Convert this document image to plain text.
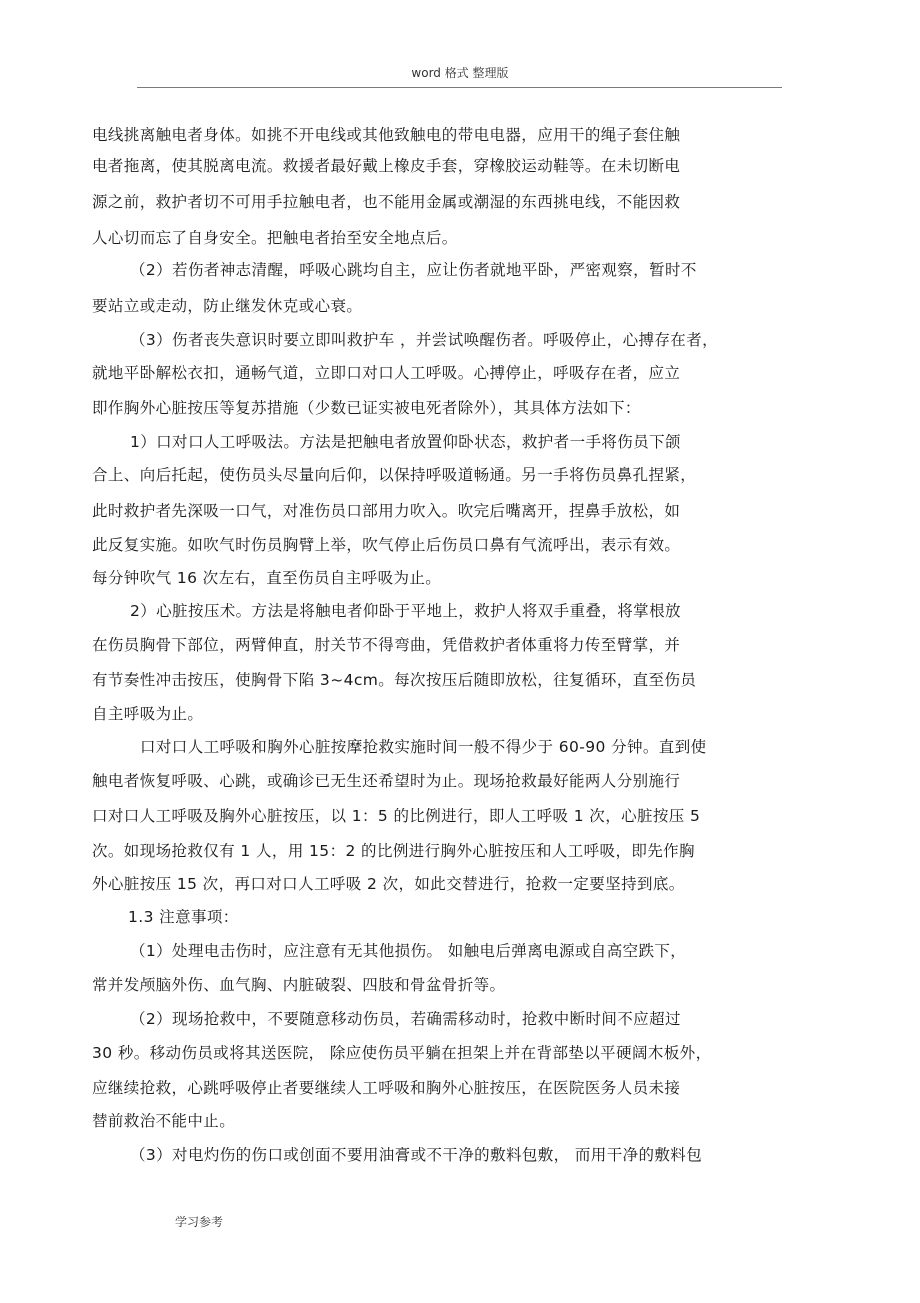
word 格式 整理版
电线挑离触电者身体。如挑不开电线或其他致触电的带电电器，应用干的绳子套住触
电者拖离，使其脱离电流。救援者最好戴上橡皮手套，穿橡胶运动鞋等。在未切断电
源之前，救护者切不可用手拉触电者，也不能用金属或潮湿的东西挑电线，不能因救
人心切而忘了自身安全。把触电者抬至安全地点后。
（2）若伤者神志清醒，呼吸心跳均自主，应让伤者就地平卧，严密观察，暂时不
要站立或走动，防止继发休克或心衰。
（3）伤者丧失意识时要立即叫救护车 ，并尝试唤醒伤者。呼吸停止，心搏存在者，
就地平卧解松衣扣，通畅气道，立即口对口人工呼吸。心搏停止，呼吸存在者，应立
即作胸外心脏按压等复苏措施（少数已证实被电死者除外），其具体方法如下：
1）口对口人工呼吸法。方法是把触电者放置仰卧状态，救护者一手将伤员下颌
合上、向后托起，使伤员头尽量向后仰，以保持呼吸道畅通。另一手将伤员鼻孔捏紧，
此时救护者先深吸一口气，对准伤员口部用力吹入。吹完后嘴离开，捏鼻手放松，如
此反复实施。如吹气时伤员胸臂上举，吹气停止后伤员口鼻有气流呼出，表示有效。
每分钟吹气 16 次左右，直至伤员自主呼吸为止。
2）心脏按压术。方法是将触电者仰卧于平地上，救护人将双手重叠，将掌根放
在伤员胸骨下部位，两臂伸直，肘关节不得弯曲，凭借救护者体重将力传至臂掌，并
有节奏性冲击按压，使胸骨下陷 3~4cm。每次按压后随即放松，往复循环，直至伤员
自主呼吸为止。
口对口人工呼吸和胸外心脏按摩抢救实施时间一般不得少于 60-90 分钟。直到使
触电者恢复呼吸、心跳，或确诊已无生还希望时为止。现场抢救最好能两人分别施行
口对口人工呼吸及胸外心脏按压，以 1：5 的比例进行，即人工呼吸 1 次，心脏按压 5
次。如现场抢救仅有 1 人，用 15：2 的比例进行胸外心脏按压和人工呼吸，即先作胸
外心脏按压 15 次，再口对口人工呼吸 2 次，如此交替进行，抢救一定要坚持到底。
1.3 注意事项：
（1）处理电击伤时，应注意有无其他损伤。 如触电后弹离电源或自高空跌下，
常并发颅脑外伤、血气胸、内脏破裂、四肢和骨盆骨折等。
（2）现场抢救中，不要随意移动伤员，若确需移动时，抢救中断时间不应超过
30 秒。移动伤员或将其送医院， 除应使伤员平躺在担架上并在背部垫以平硬阔木板外，
应继续抢救，心跳呼吸停止者要继续人工呼吸和胸外心脏按压，在医院医务人员未接
替前救治不能中止。
（3）对电灼伤的伤口或创面不要用油膏或不干净的敷料包敷， 而用干净的敷料包
学习参考
